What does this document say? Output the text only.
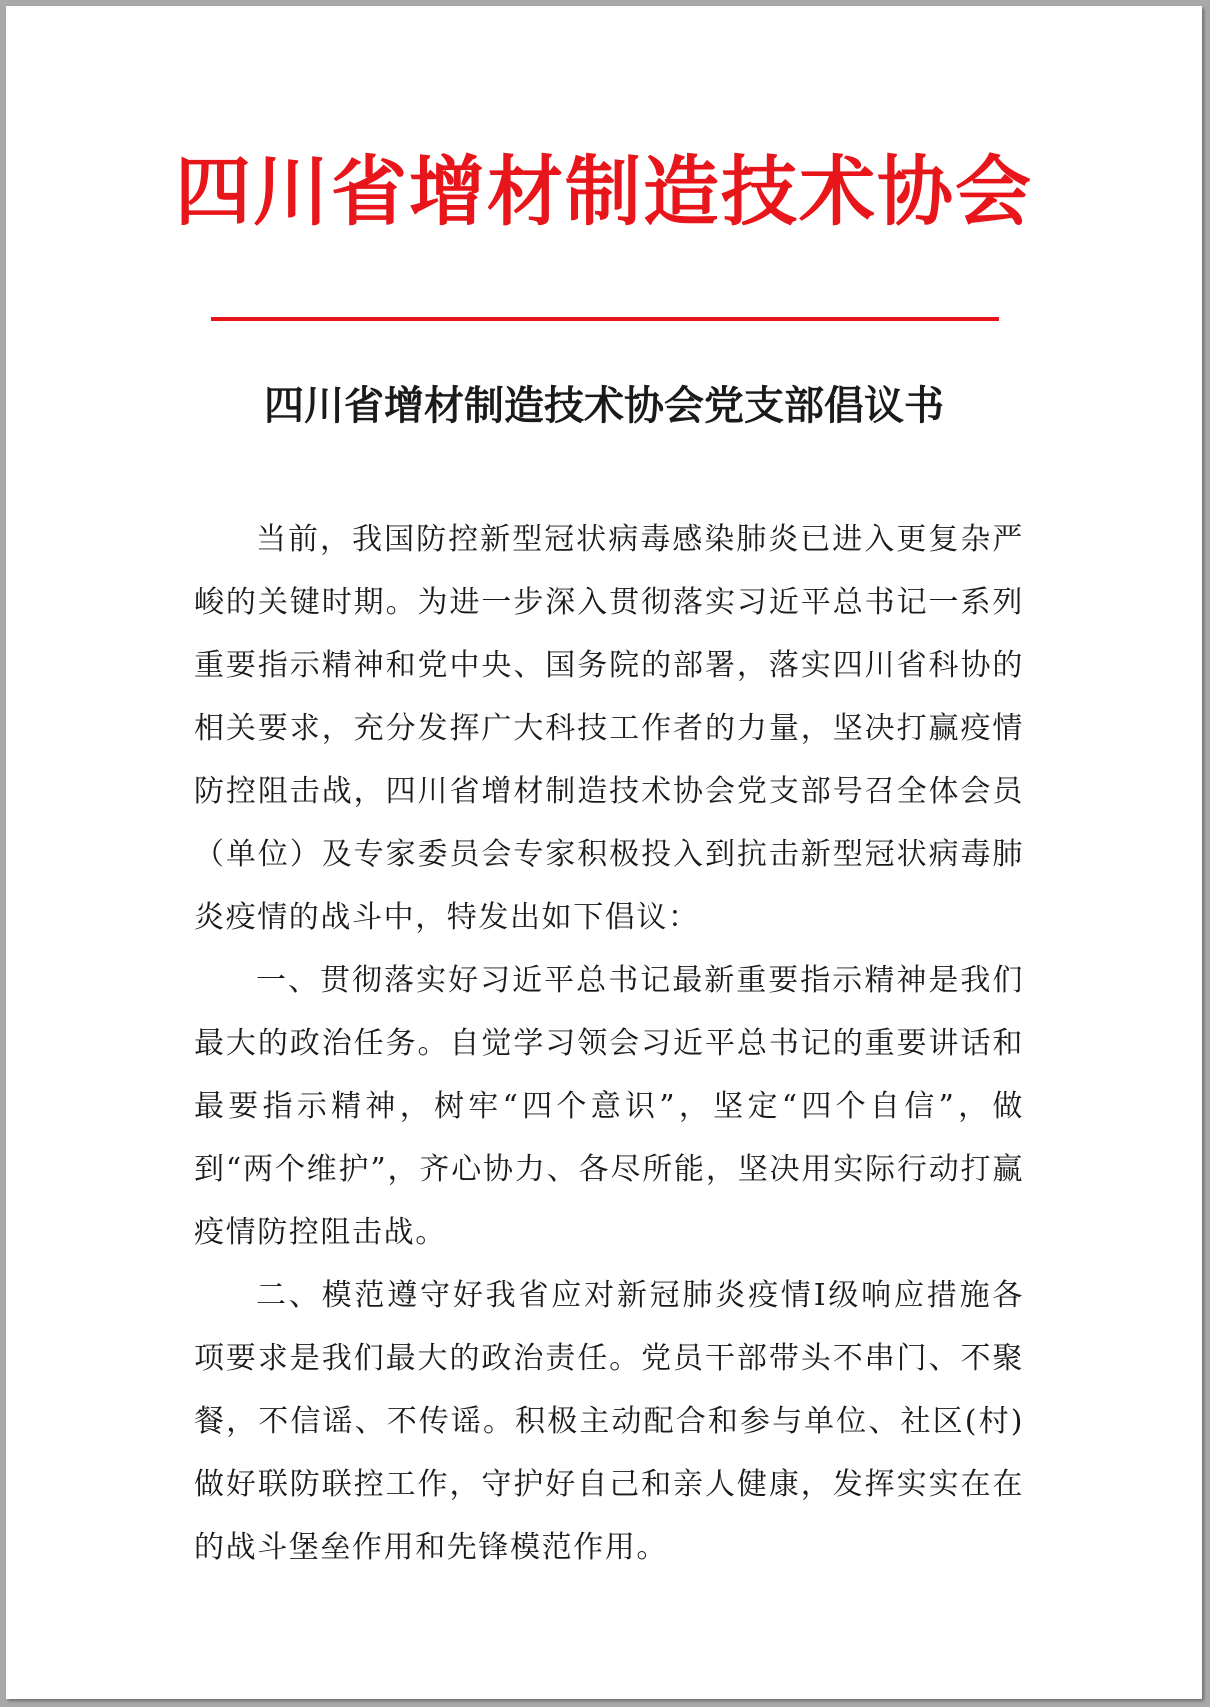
四川省增材制造技术协会
四川省增材制造技术协会党支部倡议书

当前，我国防控新型冠状病毒感染肺炎已进入更复杂严峻的关键时期。为进一步深入贯彻落实习近平总书记一系列重要指示精神和党中央、国务院的部署，落实四川省科协的相关要求，充分发挥广大科技工作者的力量，坚决打赢疫情防控阻击战，四川省增材制造技术协会党支部号召全体会员（单位）及专家委员会专家积极投入到抗击新型冠状病毒肺炎疫情的战斗中，特发出如下倡议：

一、贯彻落实好习近平总书记最新重要指示精神是我们最大的政治任务。自觉学习领会习近平总书记的重要讲话和最要指示精神，树牢“四个意识”，坚定“四个自信”，做到“两个维护”，齐心协力、各尽所能，坚决用实际行动打赢疫情防控阻击战。

二、模范遵守好我省应对新冠肺炎疫情Ⅰ级响应措施各项要求是我们最大的政治责任。党员干部带头不串门、不聚餐，不信谣、不传谣。积极主动配合和参与单位、社区(村)做好联防联控工作，守护好自己和亲人健康，发挥实实在在的战斗堡垒作用和先锋模范作用。
